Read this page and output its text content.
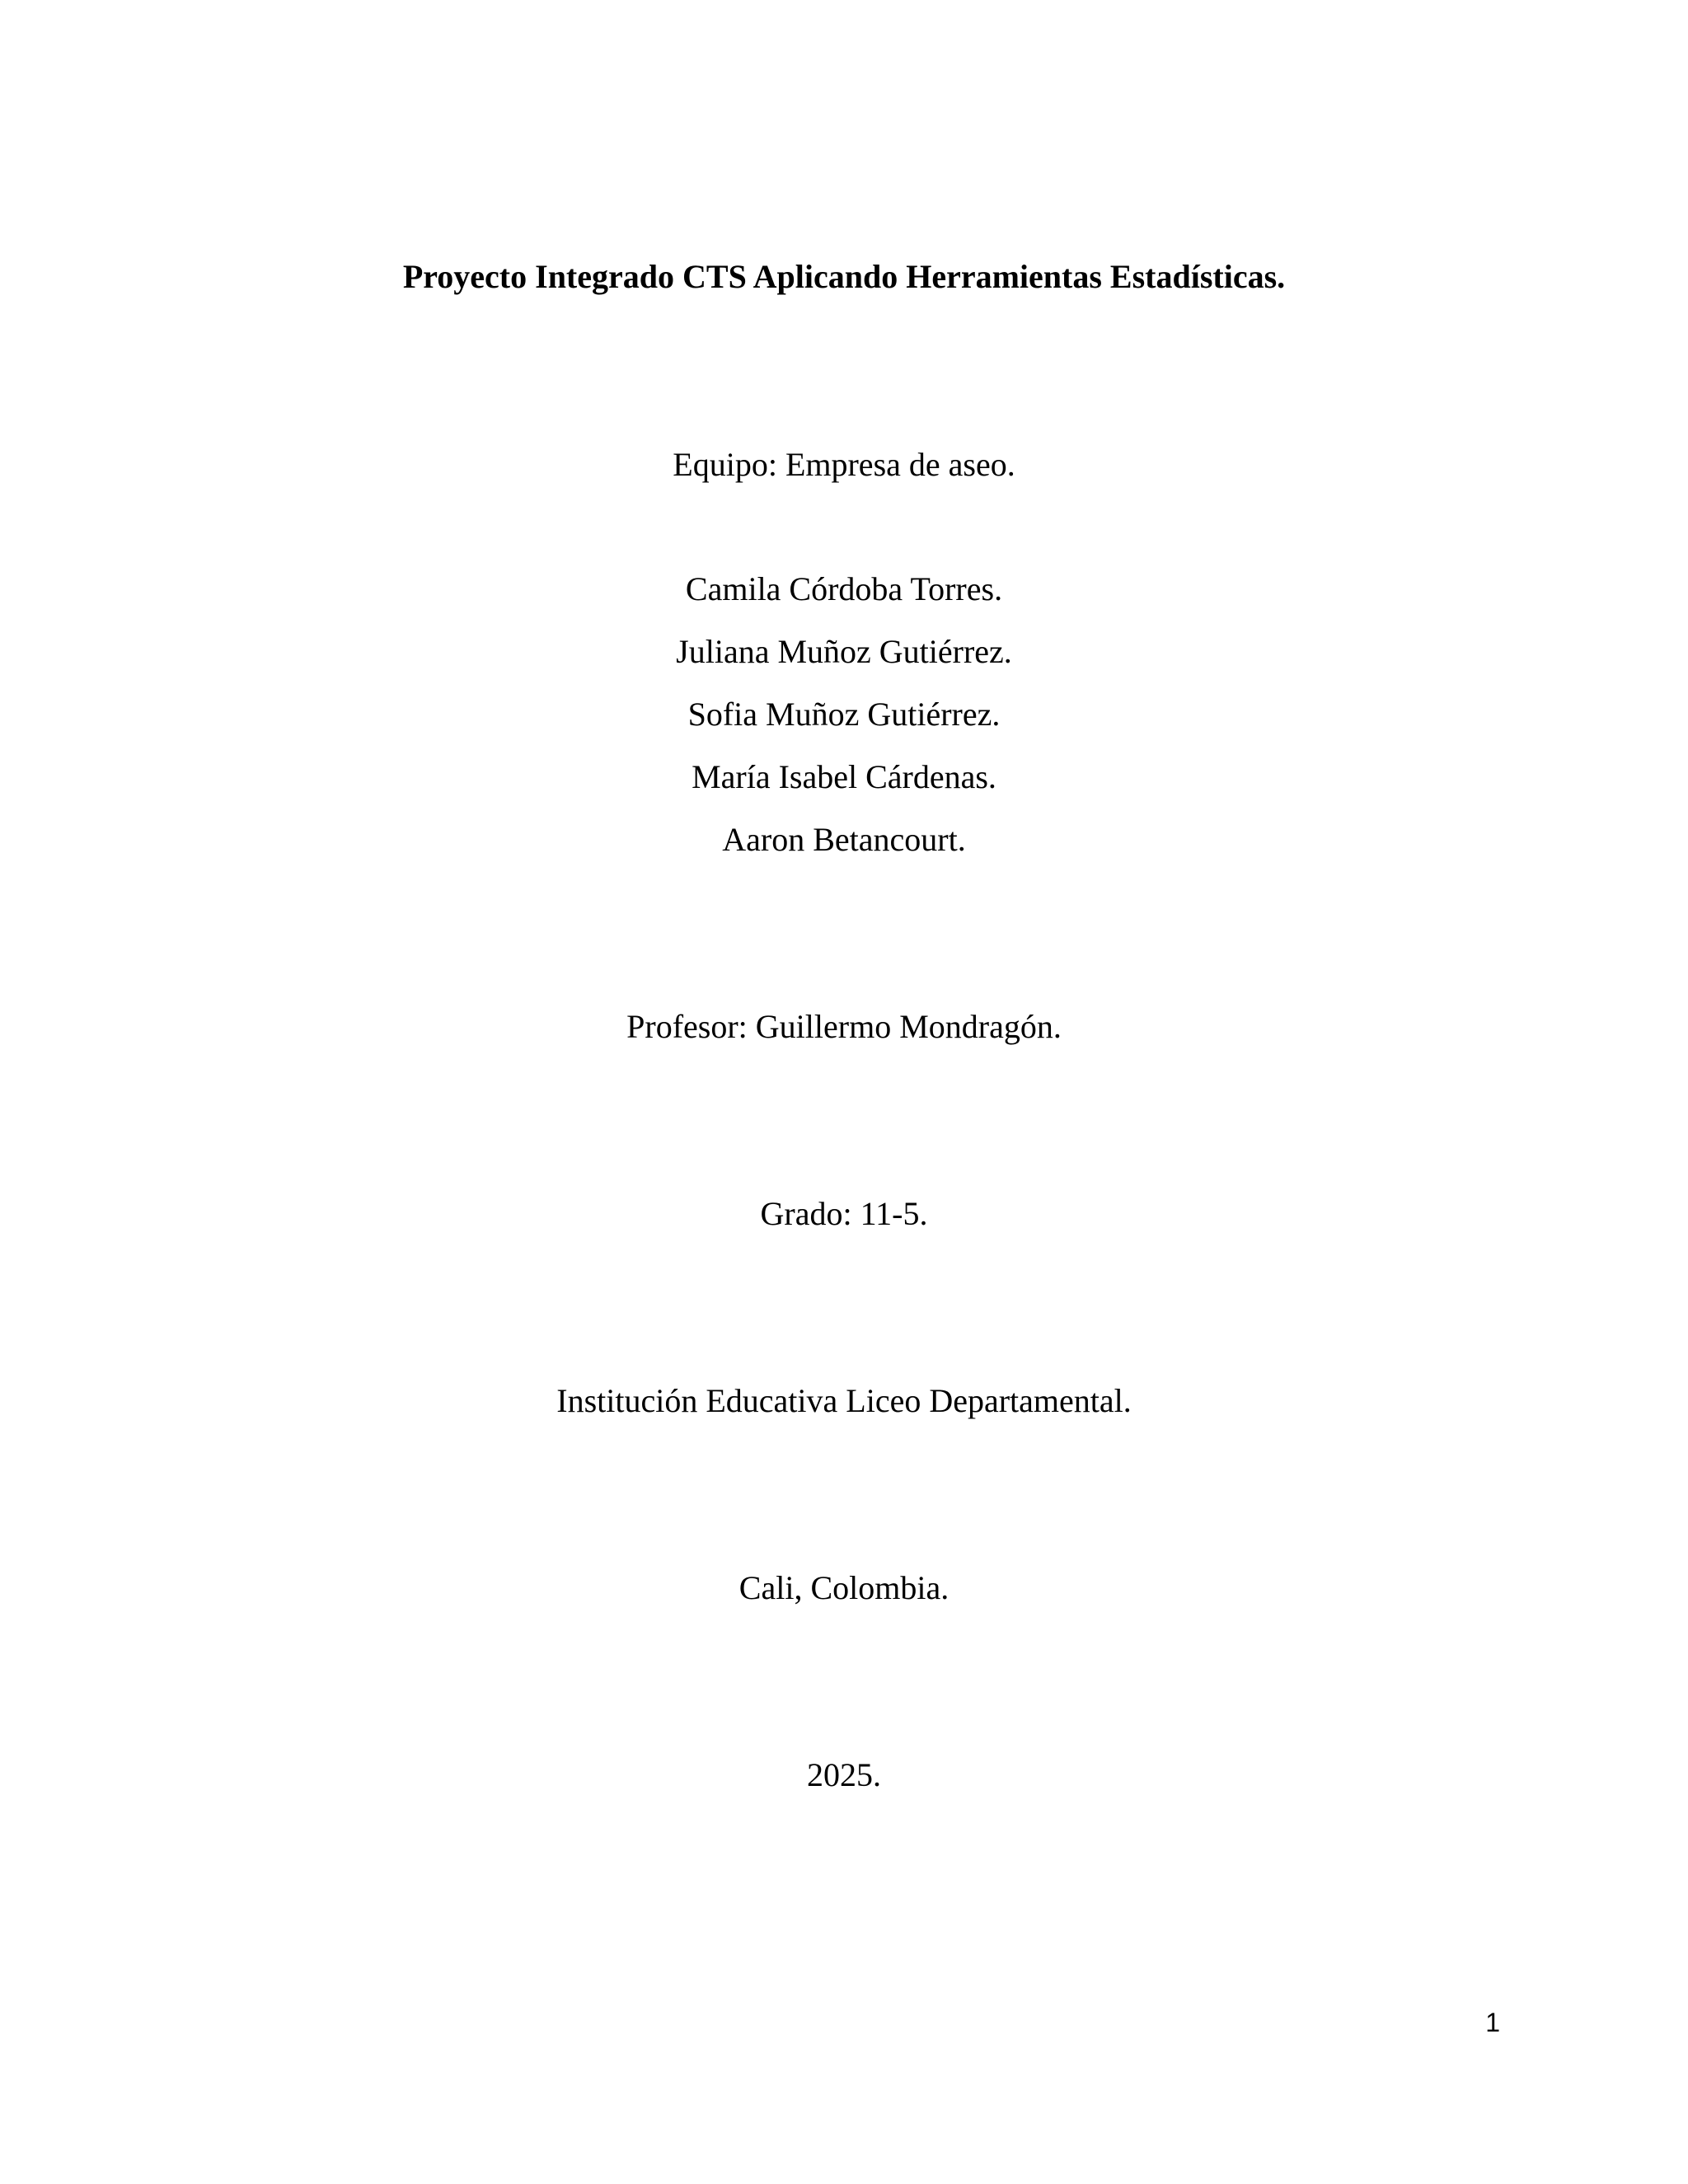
Proyecto Integrado CTS Aplicando Herramientas Estadísticas.
Equipo: Empresa de aseo.
Camila Córdoba Torres.
Juliana Muñoz Gutiérrez.
Sofia Muñoz Gutiérrez.
María Isabel Cárdenas.
Aaron Betancourt.
Profesor: Guillermo Mondragón.
Grado: 11-5.
Institución Educativa Liceo Departamental.
Cali, Colombia.
2025.
1
